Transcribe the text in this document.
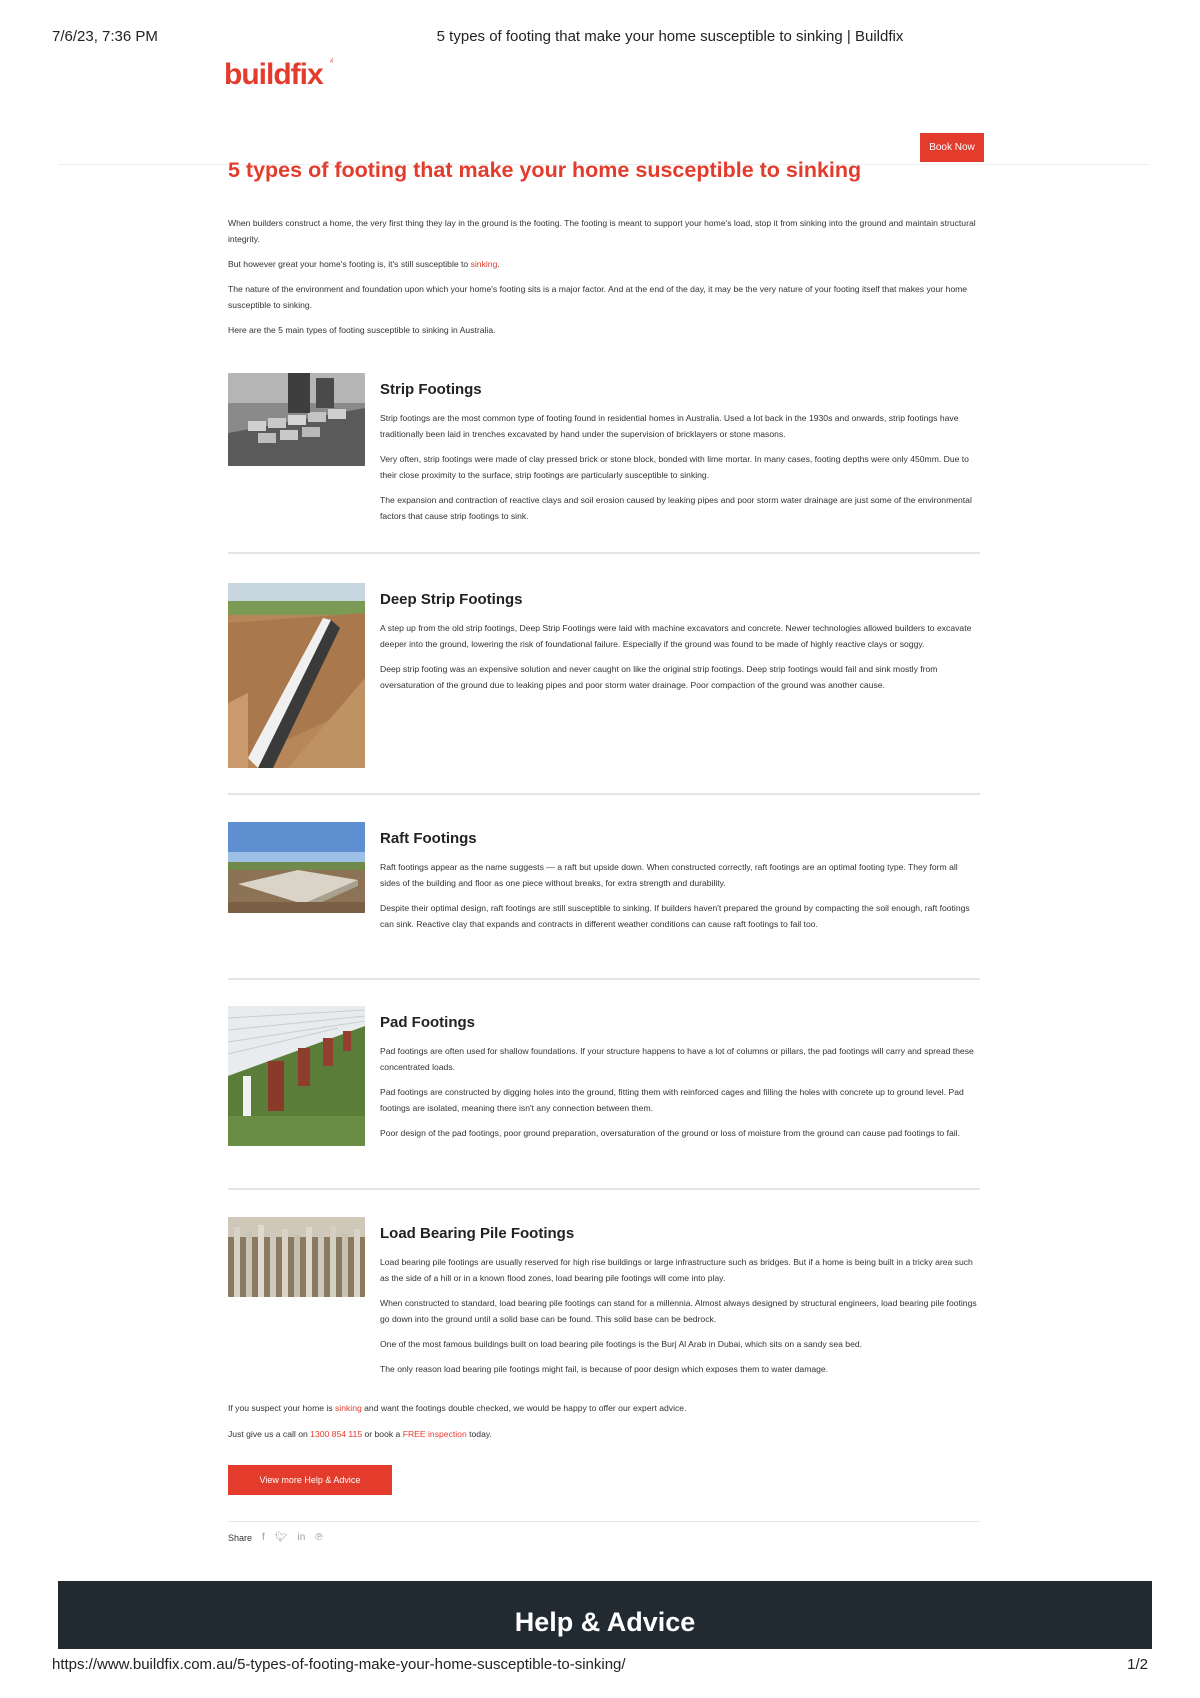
7/6/23, 7:36 PM	5 types of footing that make your home susceptible to sinking | Buildfix
buildfix
⁁
Book Now
5 types of footing that make your home susceptible to sinking

When builders construct a home, the very first thing they lay in the ground is the footing. The footing is meant to support your home's load, stop it from sinking into the ground and maintain structural integrity.

But however great your home's footing is, it's still susceptible to sinking.

The nature of the environment and foundation upon which your home's footing sits is a major factor. And at the end of the day, it may be the very nature of your footing itself that makes your home susceptible to sinking.

Here are the 5 main types of footing susceptible to sinking in Australia.

Strip Footings

Strip footings are the most common type of footing found in residential homes in Australia. Used a lot back in the 1930s and onwards, strip footings have traditionally been laid in trenches excavated by hand under the supervision of bricklayers or stone masons.

Very often, strip footings were made of clay pressed brick or stone block, bonded with lime mortar. In many cases, footing depths were only 450mm. Due to their close proximity to the surface, strip footings are particularly susceptible to sinking.

The expansion and contraction of reactive clays and soil erosion caused by leaking pipes and poor storm water drainage are just some of the environmental factors that cause strip footings to sink.

Deep Strip Footings

A step up from the old strip footings, Deep Strip Footings were laid with machine excavators and concrete. Newer technologies allowed builders to excavate deeper into the ground, lowering the risk of foundational failure. Especially if the ground was found to be made of highly reactive clays or soggy.

Deep strip footing was an expensive solution and never caught on like the original strip footings. Deep strip footings would fail and sink mostly from oversaturation of the ground due to leaking pipes and poor storm water drainage. Poor compaction of the ground was another cause.

Raft Footings

Raft footings appear as the name suggests — a raft but upside down. When constructed correctly, raft footings are an optimal footing type. They form all sides of the building and floor as one piece without breaks, for extra strength and durability.

Despite their optimal design, raft footings are still susceptible to sinking. If builders haven't prepared the ground by compacting the soil enough, raft footings can sink. Reactive clay that expands and contracts in different weather conditions can cause raft footings to fail too.

Pad Footings

Pad footings are often used for shallow foundations. If your structure happens to have a lot of columns or pillars, the pad footings will carry and spread these concentrated loads.

Pad footings are constructed by digging holes into the ground, fitting them with reinforced cages and filling the holes with concrete up to ground level. Pad footings are isolated, meaning there isn't any connection between them.

Poor design of the pad footings, poor ground preparation, oversaturation of the ground or loss of moisture from the ground can cause pad footings to fail.

Load Bearing Pile Footings

Load bearing pile footings are usually reserved for high rise buildings or large infrastructure such as bridges. But if a home is being built in a tricky area such as the side of a hill or in a known flood zones, load bearing pile footings will come into play.

When constructed to standard, load bearing pile footings can stand for a millennia. Almost always designed by structural engineers, load bearing pile footings go down into the ground until a solid base can be found. This solid base can be bedrock.

One of the most famous buildings built on load bearing pile footings is the Burj Al Arab in Dubai, which sits on a sandy sea bed.

The only reason load bearing pile footings might fail, is because of poor design which exposes them to water damage.

If you suspect your home is sinking and want the footings double checked, we would be happy to offer our expert advice.

Just give us a call on 1300 854 115 or book a FREE inspection today.

View more Help & Advice
Share f 🐦︎ in ℗
Help & Advice
https://www.buildfix.com.au/5-types-of-footing-make-your-home-susceptible-to-sinking/	1/2
